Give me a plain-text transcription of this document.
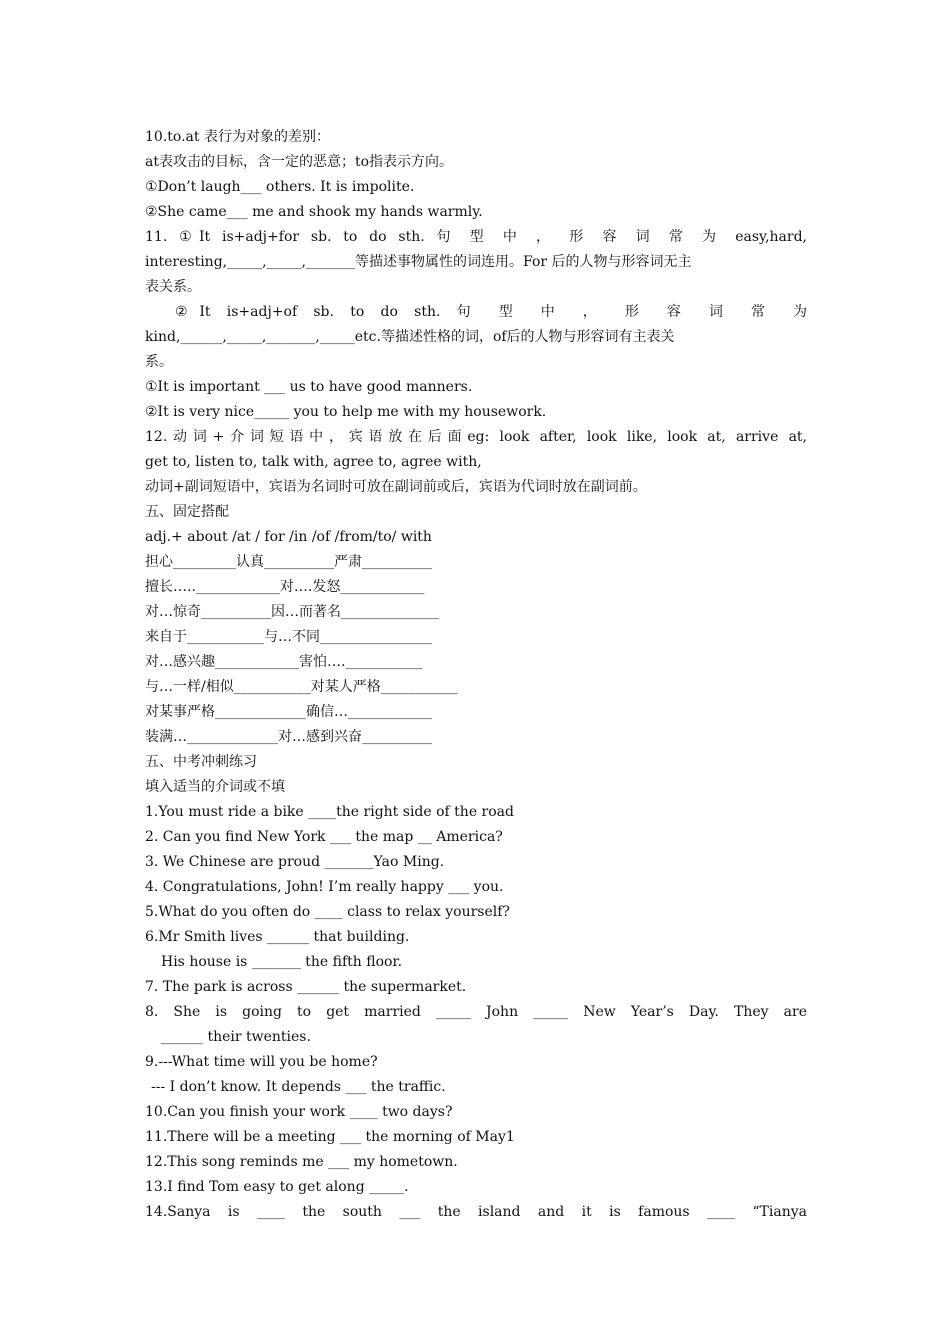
10.to.at 表行为对象的差别：

at表攻击的目标，含一定的恶意；to指表示方向。

①Don’t laugh___ others. It is impolite.

②She came___ me and shook my hands warmly.

11. ①It is+adj+for sb. to do sth. 句 型 中 ， 形 容 词 常 为 easy,hard,

interesting,_____,_____,_______等描述事物属性的词连用。For 后的人物与形容词无主

表关系。

②It is+adj+of sb. to do sth. 句 型 中 ， 形 容 词 常 为

kind,______,_____,_______,_____etc.等描述性格的词，of后的人物与形容词有主表关

系。

①It is important ___ us to have good manners.

②It is very nice_____ you to help me with my housework.

12.动词+介词短语中，宾语放在后面eg: look after, look like, look at, arrive at,

get to, listen to, talk with, agree to, agree with,

动词+副词短语中，宾语为名词时可放在副词前或后，宾语为代词时放在副词前。

五、固定搭配

adj.+ about /at / for /in /of /from/to/ with

担心_________认真__________严肃__________

擅长…..____________对….发怒____________

对…惊奇__________因…而著名______________

来自于___________与…不同________________

对…感兴趣____________害怕….___________

与…一样/相似___________对某人严格___________

对某事严格_____________确信…____________

装满…_____________对…感到兴奋__________

五、中考冲刺练习

填入适当的介词或不填

1.You must ride a bike ____the right side of the road

2. Can you find New York ___ the map __ America?

3. We Chinese are proud _______Yao Ming.

4. Congratulations, John! I’m really happy ___ you.

5.What do you often do ____ class to relax yourself?

6.Mr Smith lives ______ that building.

His house is _______ the fifth floor.

7. The park is across ______ the supermarket.

8. She is going to get married _____ John _____ New Year’s Day. They are

______ their twenties.

9.---What time will you be home?

--- I don’t know. It depends ___ the traffic.

10.Can you finish your work ____ two days?

11.There will be a meeting ___ the morning of May1

12.This song reminds me ___ my hometown.

13.I find Tom easy to get along _____.

14.Sanya is ____ the south ___ the island and it is famous ____ “Tianya
